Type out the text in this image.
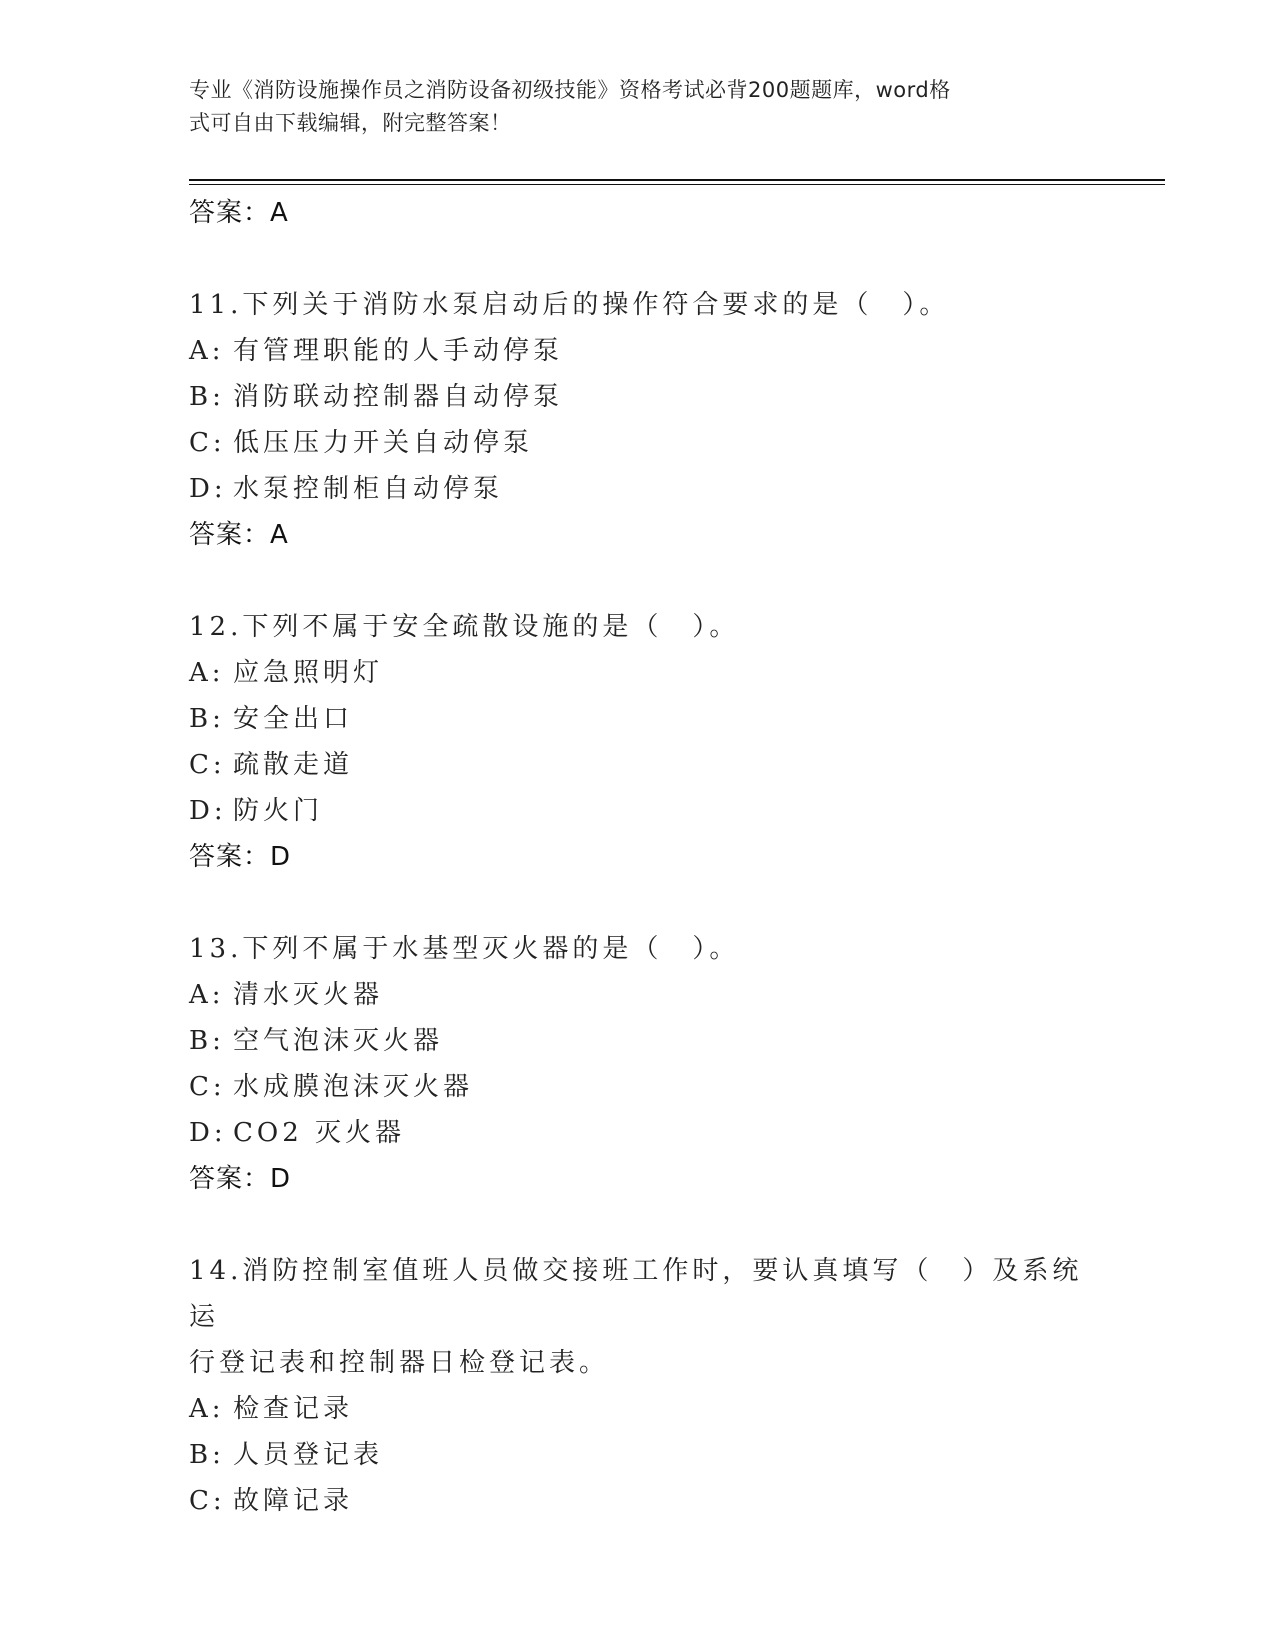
专业《消防设施操作员之消防设备初级技能》资格考试必背200题题库，word格
式可自由下载编辑，附完整答案！
答案：A
11.下列关于消防水泵启动后的操作符合要求的是（　）。
A: 有管理职能的人手动停泵
B: 消防联动控制器自动停泵
C: 低压压力开关自动停泵
D: 水泵控制柜自动停泵
答案：A
12.下列不属于安全疏散设施的是（　）。
A: 应急照明灯
B: 安全出口
C: 疏散走道
D: 防火门
答案：D
13.下列不属于水基型灭火器的是（　）。
A: 清水灭火器
B: 空气泡沫灭火器
C: 水成膜泡沫灭火器
D: CO2 灭火器
答案：D
14.消防控制室值班人员做交接班工作时，要认真填写（　）及系统运
行登记表和控制器日检登记表。
A: 检查记录
B: 人员登记表
C: 故障记录
